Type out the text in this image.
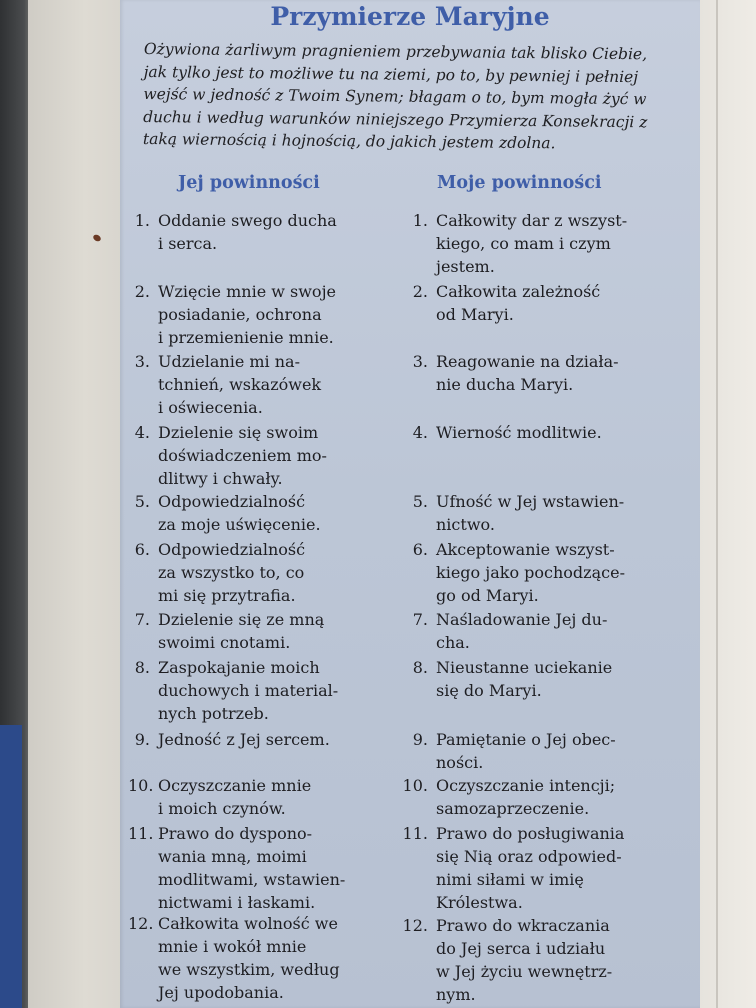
Przymierze Maryjne

Ożywiona żarliwym pragnieniem przebywania tak blisko Ciebie, jak tylko jest to możliwe tu na ziemi, po to, by pewniej i pełniej wejść w jedność z Twoim Synem; błagam o to, bym mogła żyć w duchu i według warunków niniejszego Przymierza Konsekracji z taką wiernością i hojnością, do jakich jestem zdolna.

Jej powinności	Moje powinności
1. Oddanie swego ducha
i serca.
2. Wzięcie mnie w swoje
posiadanie, ochrona
i przemienienie mnie.
3. Udzielanie mi na-
tchnień, wskazówek
i oświecenia.
4. Dzielenie się swoim
doświadczeniem mo-
dlitwy i chwały.
5. Odpowiedzialność
za moje uświęcenie.
6. Odpowiedzialność
za wszystko to, co
mi się przytrafia.
7. Dzielenie się ze mną
swoimi cnotami.
8. Zaspokajanie moich
duchowych i material-
nych potrzeb.
9. Jedność z Jej sercem.
10. Oczyszczanie mnie
i moich czynów.
11. Prawo do dyspono-
wania mną, moimi
modlitwami, wstawien-
nictwami i łaskami.
12. Całkowita wolność we
mnie i wokół mnie
we wszystkim, według
Jej upodobania.
1. Całkowity dar z wszyst-
kiego, co mam i czym
jestem.
2. Całkowita zależność
od Maryi.
3. Reagowanie na działa-
nie ducha Maryi.
4. Wierność modlitwie.
5. Ufność w Jej wstawien-
nictwo.
6. Akceptowanie wszyst-
kiego jako pochodzące-
go od Maryi.
7. Naśladowanie Jej du-
cha.
8. Nieustanne uciekanie
się do Maryi.
9. Pamiętanie o Jej obec-
ności.
10. Oczyszczanie intencji;
samozaprzeczenie.
11. Prawo do posługiwania
się Nią oraz odpowied-
nimi siłami w imię
Królestwa.
12. Prawo do wkraczania
do Jej serca i udziału
w Jej życiu wewnętrz-
nym.
